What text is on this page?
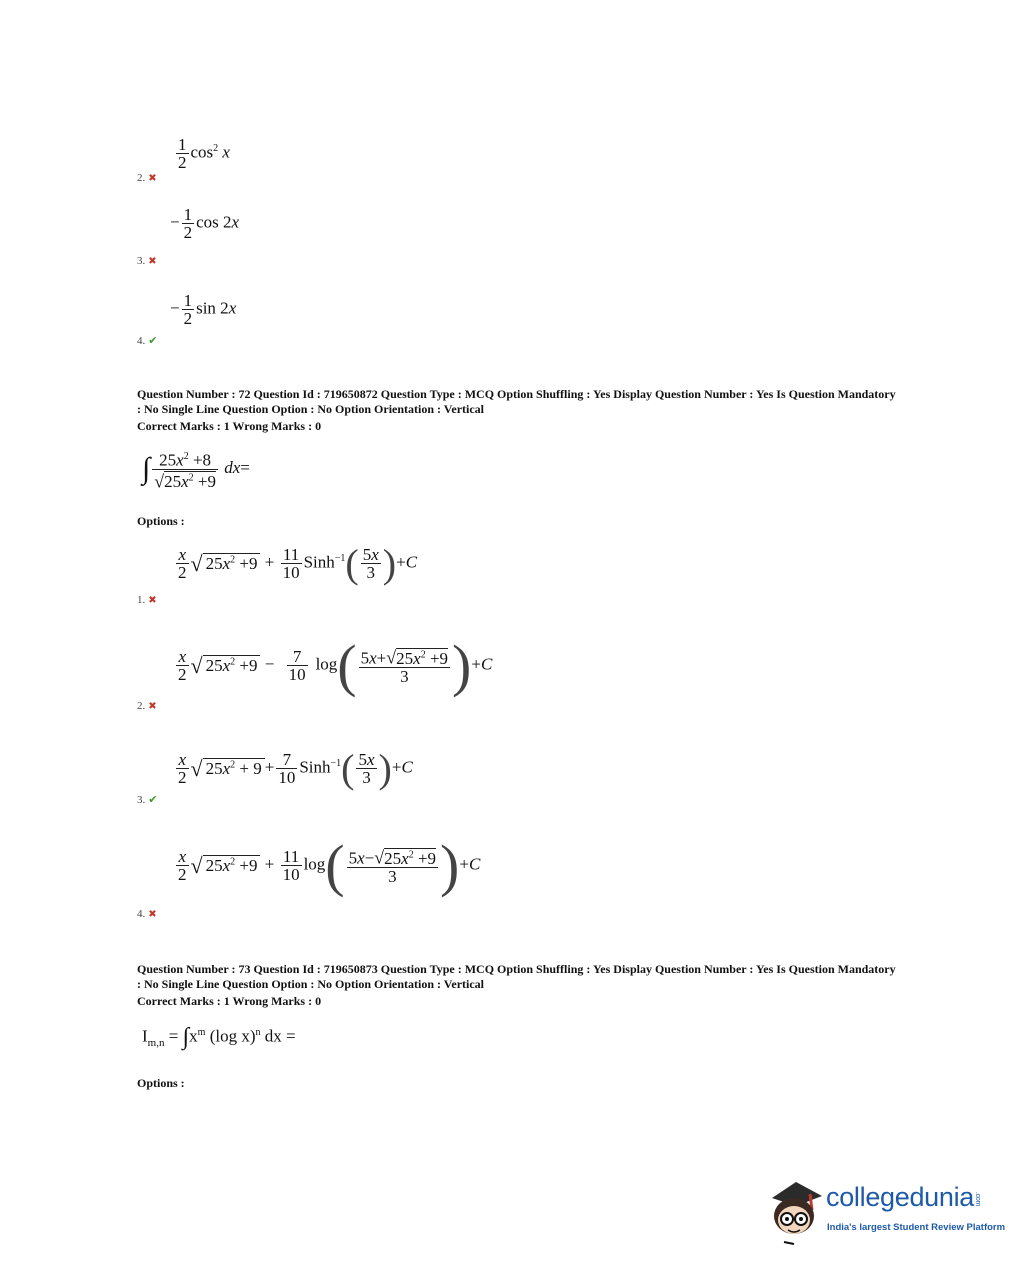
$\frac{1}{2} \cos^2 x$
2. ✖
− $\frac{1}{2}$ cos 2x
3. ✖
− $\frac{1}{2}$ sin 2x
4. ✔
Question Number : 72 Question Id : 719650872 Question Type : MCQ Option Shuffling : Yes Display Question Number : Yes Is Question Mandatory : No Single Line Question Option : No Option Orientation : Vertical
Correct Marks : 1 Wrong Marks : 0
∫ $\frac{25x^2 +8}{√25x^2 +9} dx=$
Options :
$\frac{x}{2}$ √ $25x^2 +9 + \frac{11}{10}$ Sinh$^{-1}$( $\frac{5x}{3} )+C$
1. ✖
$\frac{x}{2}$ √ $25x^2 +9 - \frac{7}{10} \log( \frac{5x+√25x^2 +9}{3} )+C$
2. ✖
$\frac{x}{2}$ √ $25x^2 + 9 + \frac{7}{10}$ Sinh$^{-1}$( $\frac{5x}{3} )+C$
3. ✔
$\frac{x}{2}$ √ $25x^2 +9 + \frac{11}{10} \log( \frac{5x-√25x^2 +9}{3} )+C$
4. ✖
Question Number : 73 Question Id : 719650873 Question Type : MCQ Option Shuffling : Yes Display Question Number : Yes Is Question Mandatory : No Single Line Question Option : No Option Orientation : Vertical
Correct Marks : 1 Wrong Marks : 0
$I_{m,n} = \int x^m$ (log x)$^n$ dx =
Options :
collegedunia.com
India's largest Student Review Platform
